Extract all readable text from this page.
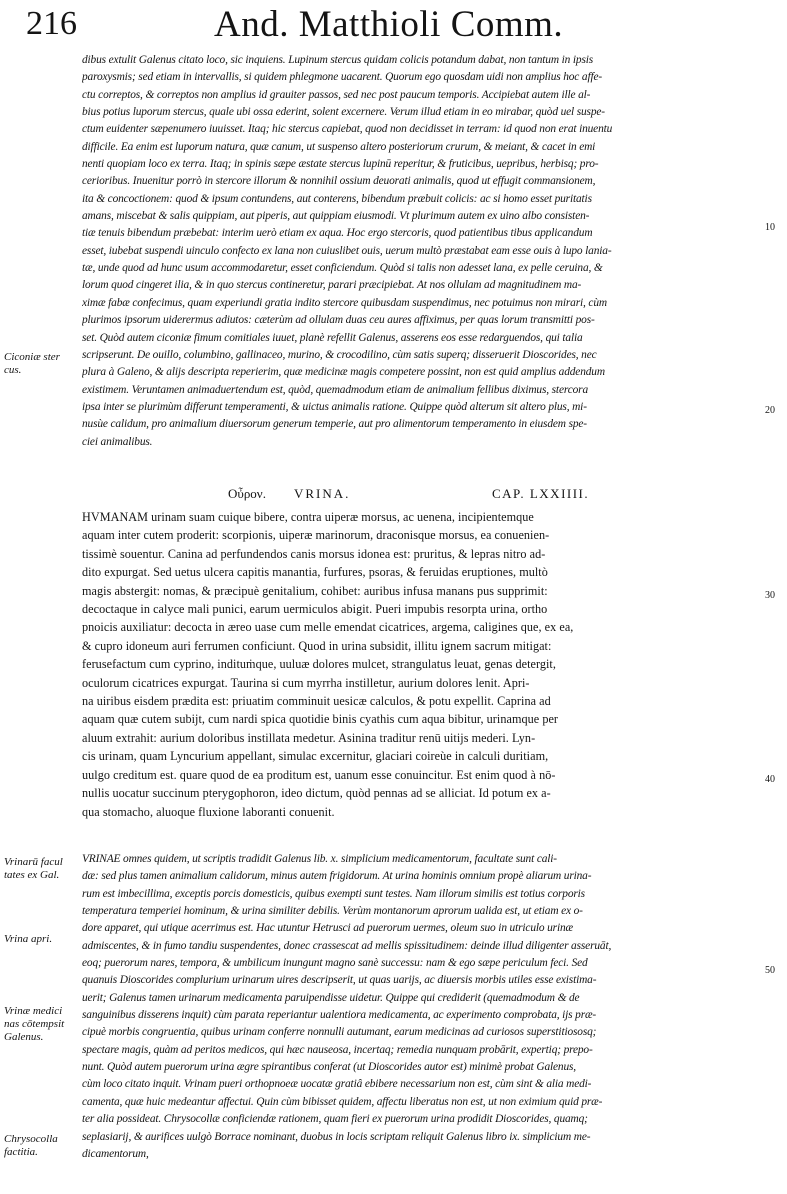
216	And. Matthioli Comm.
dibus extulit Galenus citato loco, sic inquiens. Lupinum stercus quidam colicis potandum dabat, non tantum in ipsis
paroxysmis; sed etiam in intervallis, si quidem phlegmone uacarent. Quorum ego quosdam uidi non amplius hoc affe-
ctu correptos, & correptos non amplius id grauiter passos, sed nec post paucum temporis. Accipiebat autem ille al-
bius potius luporum stercus, quale ubi ossa ederint, solent excernere. Verum illud etiam in eo mirabar, quòd uel suspe-
ctum euidenter sæpenumero iuuisset. Itaq; hic stercus capiebat, quod non decidisset in terram: id quod non erat inuentu
difficile. Ea enim est luporum natura, quæ canum, ut suspenso altero posteriorum crurum, & meiant, & cacet in emi
nenti quopiam loco ex terra. Itaq; in spinis sæpe æstate stercus lupinū reperitur, & fruticibus, uepribus, herbisq; pro-
cerioribus. Inuenitur porrò in stercore illorum & nonnihil ossium deuorati animalis, quod ut effugit commansionem,
ita & concoctionem: quod & ipsum contundens, aut conterens, bibendum præbuit colicis: ac si homo esset puritatis
amans, miscebat & salis quippiam, aut piperis, aut quippiam eiusmodi. Vt plurimum autem ex uino albo consisten-
tiæ tenuis bibendum præbebat: interim uerò etiam ex aqua. Hoc ergo stercoris, quod patientibus tibus applicandum
esset, iubebat suspendi uinculo confecto ex lana non cuiuslibet ouis, uerum multò præstabat eam esse ouis à lupo lania-
tæ, unde quod ad hunc usum accommodaretur, esset conficiendum. Quòd si talis non adesset lana, ex pelle ceruina, &
lorum quod cingeret ilia, & in quo stercus contineretur, parari præcipiebat. At nos ollulam ad magnitudinem ma-
ximæ fabæ confecimus, quam experiundi gratia indito stercore quibusdam suspendimus, nec potuimus non mirari, cùm
plurimos ipsorum uiderermus adiutos: cæterùm ad ollulam duas ceu aures affiximus, per quas lorum transmitti pos-
set. Quòd autem ciconiæ fimum comitiales iuuet, planè refellit Galenus, asserens eos esse redarguendos, qui talia
scripserunt. De ouillo, columbino, gallinaceo, murino, & crocodilino, cùm satis superq; disseruerit Dioscorides, nec
plura à Galeno, & alijs descripta reperierim, quæ medicinæ magis competere possint, non est quid amplius addendum
existimem. Veruntamen animaduertendum est, quòd, quemadmodum etiam de animalium fellibus diximus, stercora
ipsa inter se plurimùm differunt temperamenti, & uictus animalis ratione. Quippe quòd alterum sit altero plus, mi-
nusùe calidum, pro animalium diuersorum generum temperie, aut pro alimentorum temperamento in eiusdem spe-
ciei animalibus.
Οὖρον. VRINA.	CAP. LXXIIII.
HVMANAM urinam suam cuique bibere, contra uiperæ morsus, ac uenena, incipientemque
aquam inter cutem proderit: scorpionis, uiperæ marinorum, draconisque morsus, ea conuenien-
tissimè souentur. Canina ad perfundendos canis morsus idonea est: pruritus, & lepras nitro ad-
dito expurgat. Sed uetus ulcera capitis manantia, furfures, psoras, & feruidas eruptiones, multò
magis abstergit: nomas, & præcipuè genitalium, cohibet: auribus infusa manans pus supprimit:
decoctaque in calyce mali punici, earum uermiculos abigit. Pueri impubis resorpta urina, ortho
pnoicis auxiliatur: decocta in æreo uase cum melle emendat cicatrices, argema, caligines que, ex ea,
& cupro idoneum auri ferrumen conficiunt. Quod in urina subsidit, illitu ignem sacrum mitigat:
ferusefactum cum cyprino, indituṁque, uuluæ dolores mulcet, strangulatus leuat, genas detergit,
oculorum cicatrices expurgat. Taurina si cum myrrha instilletur, aurium dolores lenit. Apri-
na uiribus eisdem prædita est: priuatim comminuit uesicæ calculos, & potu expellit. Caprina ad
aquam quæ cutem subijt, cum nardi spica quotidie binis cyathis cum aqua bibitur, urinamque per
aluum extrahit: aurium doloribus instillata medetur. Asinina traditur renū uitijs mederi. Lyn-
cis urinam, quam Lyncurium appellant, simulac excernitur, glaciari coireùe in calculi duritiam,
uulgo creditum est. quare quod de ea proditum est, uanum esse conuincitur. Est enim quod à nō-
nullis uocatur succinum pterygophoron, ideo dictum, quòd pennas ad se alliciat. Id potum ex a-
qua stomacho, aluoque fluxione laboranti conuenit.
VRINAE omnes quidem, ut scriptis tradidit Galenus lib. x. simplicium medicamentorum, facultate sunt cali-
dæ: sed plus tamen animalium calidorum, minus autem frigidorum. At urina hominis omnium propè aliarum urina-
rum est imbecillima, exceptis porcis domesticis, quibus exempti sunt testes. Nam illorum similis est totius corporis
temperatura temperiei hominum, & urina similiter debilis. Verùm montanorum aprorum ualida est, ut etiam ex o-
dore apparet, qui utique acerrimus est. Hac utuntur Hetrusci ad puerorum uermes, oleum suo in utriculo urinæ
admiscentes, & in fumo tandiu suspendentes, donec crassescat ad mellis spissitudinem: deinde illud diligenter asseruāt,
eoq; puerorum nares, tempora, & umbilicum inungunt magno sanè successu: nam & ego sæpe periculum feci. Sed
quanuis Dioscorides complurium urinarum uires descripserit, ut quas uarijs, ac diuersis morbis utiles esse existima-
uerit; Galenus tamen urinarum medicamenta paruipendisse uidetur. Quippe qui crediderit (quemadmodum & de
sanguinibus disserens inquit) cùm parata reperiantur ualentiora medicamenta, ac experimento comprobata, ijs præ-
cipuè morbis congruentia, quibus urinam conferre nonnulli autumant, earum medicinas ad curiosos superstitiososq;
spectare magis, quàm ad peritos medicos, qui hæc nauseosa, incertaq; remedia nunquam probārit, expertiq; prepo-
nunt. Quòd autem puerorum urina ægre spirantibus conferat (ut Dioscorides autor est) minimè probat Galenus,
cùm loco citato inquit. Vrinam pueri orthopnoeæ uocatæ gratiâ ebibere necessarium non est, cùm sint & alia medi-
camenta, quæ huic medeantur affectui. Quin cùm bibisset quidem, affectu liberatus non est, ut non eximium quid præ-
ter alia possideat. Chrysocollæ conficiendæ rationem, quam fieri ex puerorum urina prodidit Dioscorides, quamq;
seplasiarij, & aurifices uulgò Borrace nominant, duobus in locis scriptam reliquit Galenus libro ix. simplicium me-
dicamentorum,
Ciconiæ ster
cus.
Vrinarū facul
tates ex Gal.
Vrina apri.
Vrinæ medici
nas cōtempsit
Galenus.
Chrysocolla
factitia.
10
20
30
40
50
